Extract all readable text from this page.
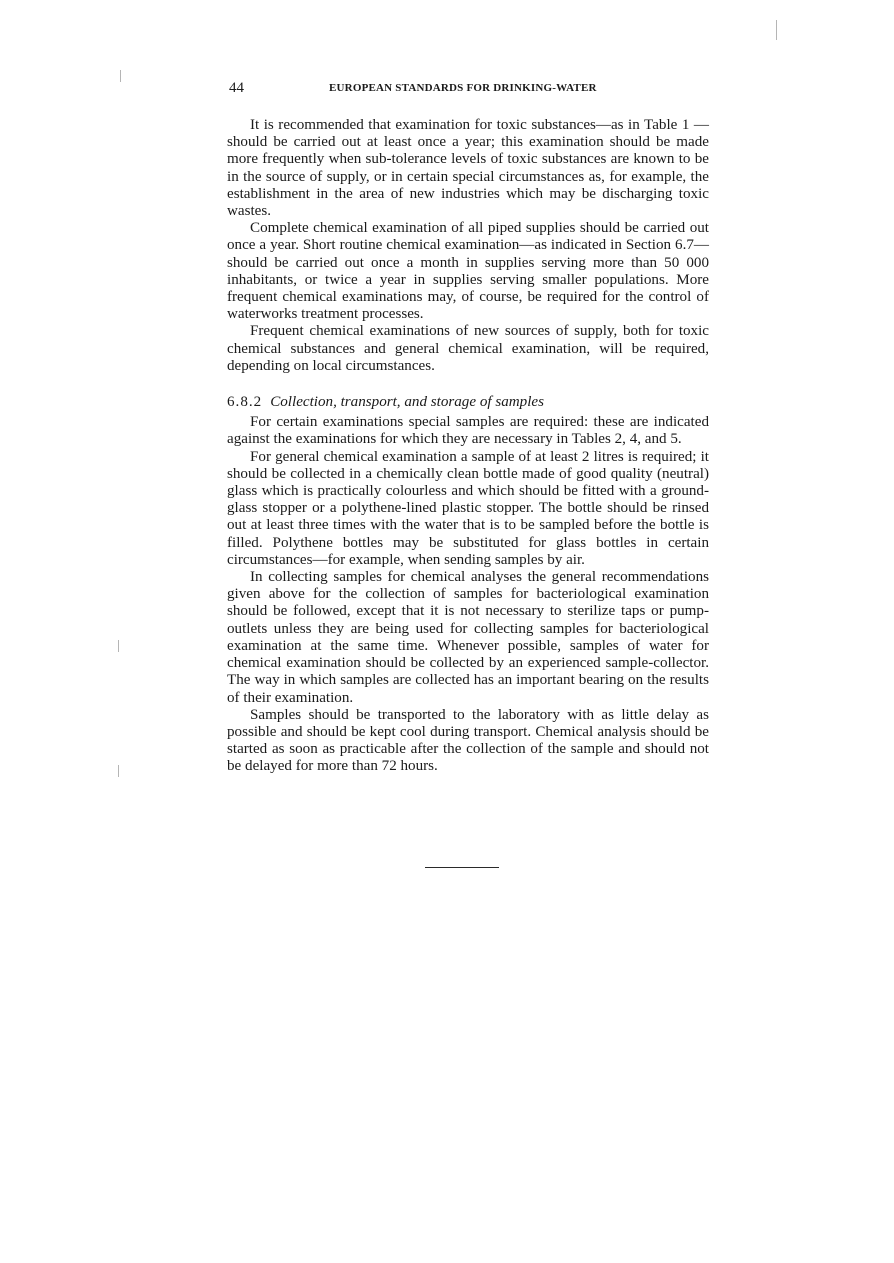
44	EUROPEAN STANDARDS FOR DRINKING-WATER

It is recommended that examination for toxic substances—as in Table 1 —should be carried out at least once a year; this examination should be made more frequently when sub-tolerance levels of toxic substances are known to be in the source of supply, or in certain special circumstances as, for example, the establishment in the area of new industries which may be discharging toxic wastes.

Complete chemical examination of all piped supplies should be carried out once a year. Short routine chemical examination—as indicated in Section 6.7—should be carried out once a month in supplies serving more than 50 000 inhabitants, or twice a year in supplies serving smaller populations. More frequent chemical examinations may, of course, be required for the control of waterworks treatment processes.

Frequent chemical examinations of new sources of supply, both for toxic chemical substances and general chemical examination, will be required, depending on local circumstances.

6.8.2 Collection, transport, and storage of samples

For certain examinations special samples are required: these are indicated against the examinations for which they are necessary in Tables 2, 4, and 5.

For general chemical examination a sample of at least 2 litres is required; it should be collected in a chemically clean bottle made of good quality (neutral) glass which is practically colourless and which should be fitted with a ground-glass stopper or a polythene-lined plastic stopper. The bottle should be rinsed out at least three times with the water that is to be sampled before the bottle is filled. Polythene bottles may be substituted for glass bottles in certain circumstances—for example, when sending samples by air.

In collecting samples for chemical analyses the general recommendations given above for the collection of samples for bacteriological examination should be followed, except that it is not necessary to sterilize taps or pump-outlets unless they are being used for collecting samples for bacteriological examination at the same time. Whenever possible, samples of water for chemical examination should be collected by an experienced sample-collector. The way in which samples are collected has an important bearing on the results of their examination.

Samples should be transported to the laboratory with as little delay as possible and should be kept cool during transport. Chemical analysis should be started as soon as practicable after the collection of the sample and should not be delayed for more than 72 hours.
